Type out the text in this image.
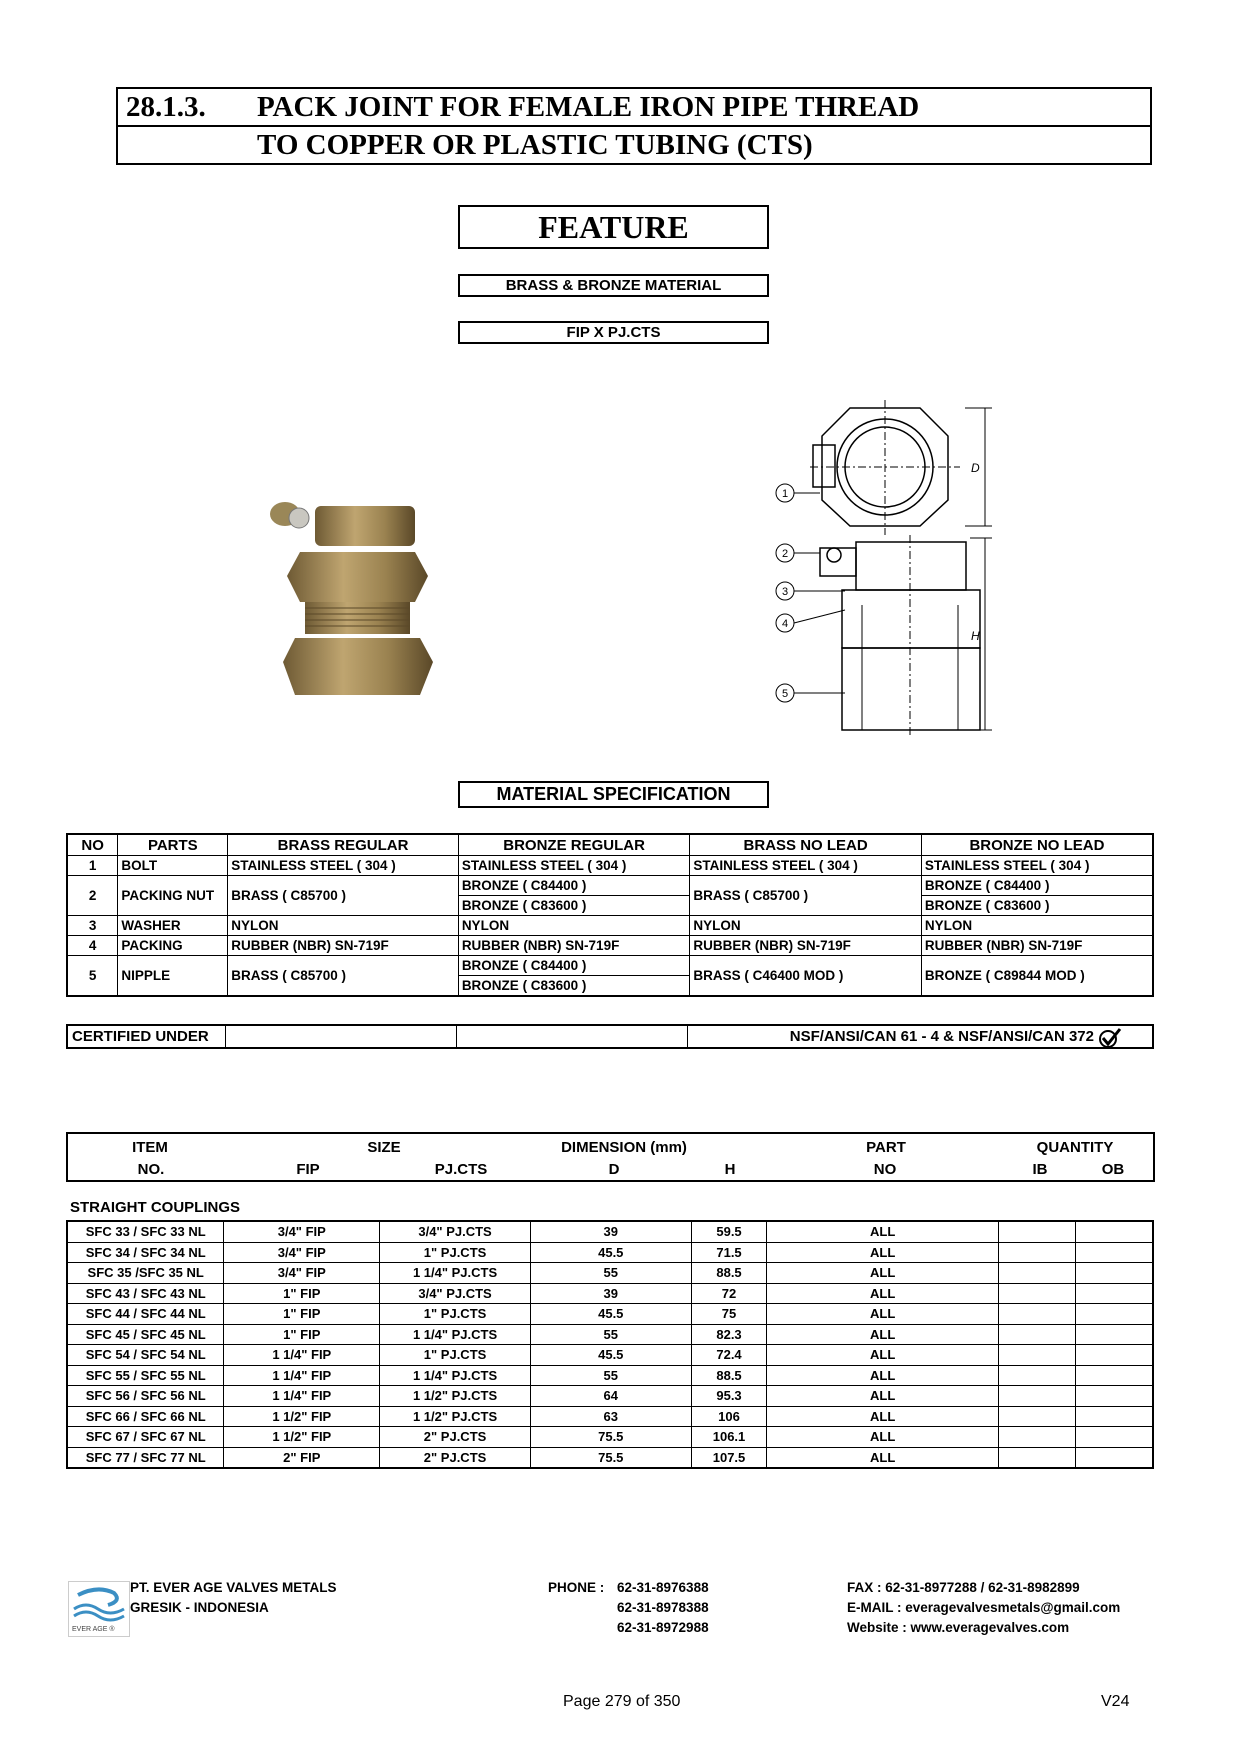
28.1.3. PACK JOINT FOR FEMALE IRON PIPE THREAD
TO COPPER OR PLASTIC TUBING (CTS)
FEATURE
BRASS & BRONZE MATERIAL
FIP X PJ.CTS
D
H
1
2
3
4
5
MATERIAL SPECIFICATION
NO	PARTS	BRASS REGULAR	BRONZE REGULAR	BRASS NO LEAD	BRONZE NO LEAD
1	BOLT	STAINLESS STEEL ( 304 )	STAINLESS STEEL ( 304 )	STAINLESS STEEL ( 304 )	STAINLESS STEEL ( 304 )
2	PACKING NUT	BRASS ( C85700 )	BRONZE ( C84400 )	BRASS ( C85700 )	BRONZE ( C84400 )
			BRONZE ( C83600 )		BRONZE ( C83600 )
3	WASHER	NYLON	NYLON	NYLON	NYLON
4	PACKING	RUBBER (NBR) SN-719F	RUBBER (NBR) SN-719F	RUBBER (NBR) SN-719F	RUBBER (NBR) SN-719F
5	NIPPLE	BRASS ( C85700 )	BRONZE ( C84400 )	BRASS ( C46400 MOD )	BRONZE ( C89844 MOD )
			BRONZE ( C83600 )		
CERTIFIED UNDER			NSF/ANSI/CAN 61 - 4 & NSF/ANSI/CAN 372
ITEM	SIZE	DIMENSION (mm)	PART	QUANTITY
NO.	FIP	PJ.CTS	D	H	NO	IB	OB
STRAIGHT COUPLINGS
SFC 33 / SFC 33 NL	3/4" FIP	3/4" PJ.CTS	39	59.5	ALL		
SFC 34 / SFC 34 NL	3/4" FIP	1" PJ.CTS	45.5	71.5	ALL		
SFC 35 /SFC 35 NL	3/4" FIP	1 1/4" PJ.CTS	55	88.5	ALL		
SFC 43 / SFC 43 NL	1" FIP	3/4" PJ.CTS	39	72	ALL		
SFC 44 / SFC 44 NL	1" FIP	1" PJ.CTS	45.5	75	ALL		
SFC 45 / SFC 45 NL	1" FIP	1 1/4" PJ.CTS	55	82.3	ALL		
SFC 54 / SFC 54 NL	1 1/4" FIP	1" PJ.CTS	45.5	72.4	ALL		
SFC 55 / SFC 55 NL	1 1/4" FIP	1 1/4" PJ.CTS	55	88.5	ALL		
SFC 56 / SFC 56 NL	1 1/4" FIP	1 1/2" PJ.CTS	64	95.3	ALL		
SFC 66 / SFC 66 NL	1 1/2" FIP	1 1/2" PJ.CTS	63	106	ALL		
SFC 67 / SFC 67 NL	1 1/2" FIP	2" PJ.CTS	75.5	106.1	ALL		
SFC 77 / SFC 77 NL	2" FIP	2" PJ.CTS	75.5	107.5	ALL		
EVER AGE ®
PT. EVER AGE VALVES METALS
GRESIK - INDONESIA
PHONE : 62-31-8976388
62-31-8978388
62-31-8972988
FAX : 62-31-8977288 / 62-31-8982899
E-MAIL : everagevalvesmetals@gmail.com
Website : www.everagevalves.com
Page 279 of 350	V24
